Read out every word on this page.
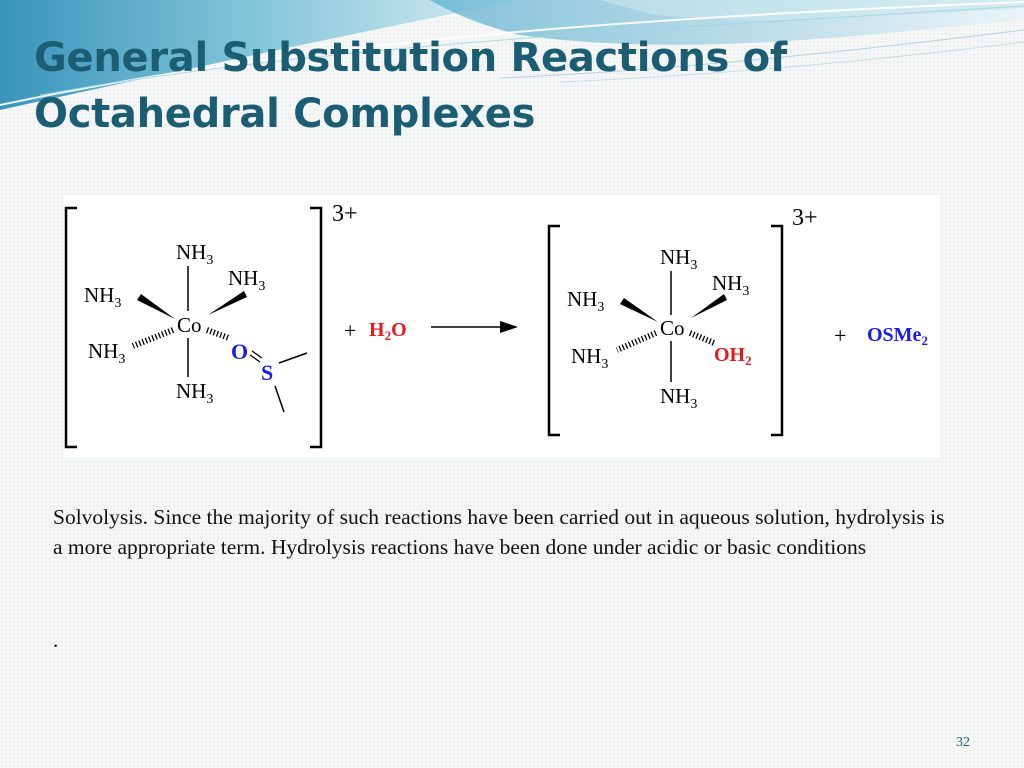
General Substitution Reactions of
Octahedral Complexes
3+
Co
$NH_3$
$NH_3$
$NH_3$
$NH_3$
$NH_3$
O
S
+ $H_2O$
3+
Co
$NH_3$
$NH_3$
$NH_3$
$NH_3$
$NH_3$
$OH_2$
+ OSMe$_2$

Solvolysis. Since the majority of such reactions have been carried out in aqueous solution, hydrolysis is a more appropriate term. Hydrolysis reactions have been done under acidic or basic conditions

.
32
